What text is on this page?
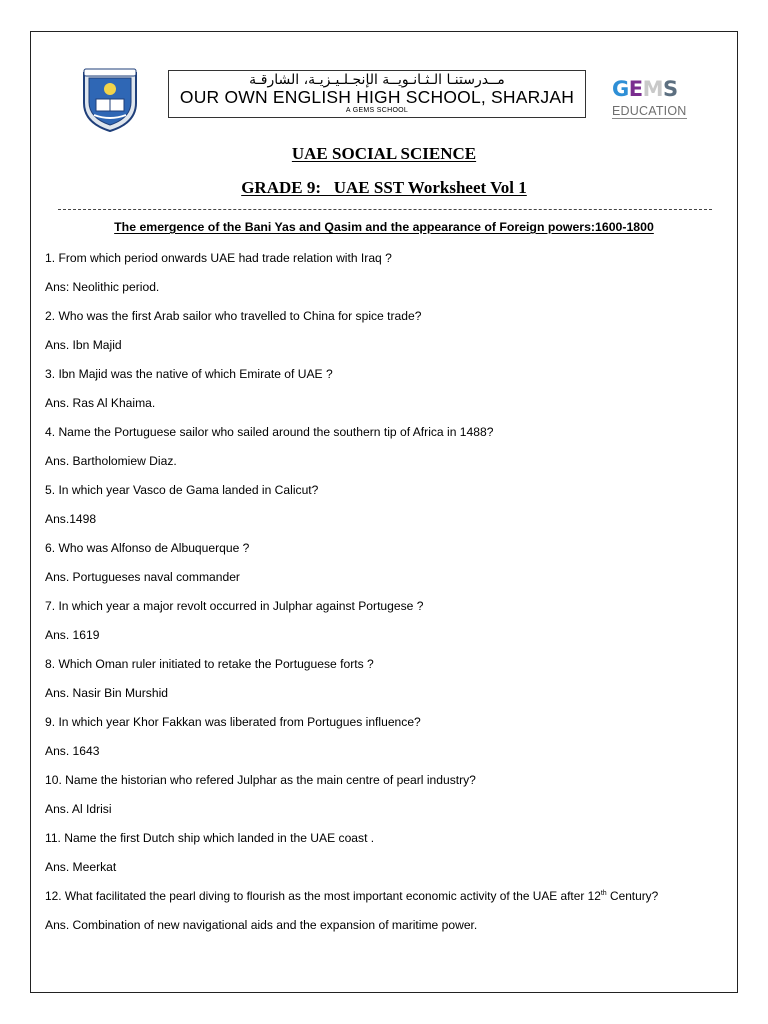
مــدرستنـا الـثـانـويــة الإنجـلـيـزيـة، الشارقـة
OUR OWN ENGLISH HIGH SCHOOL, SHARJAH
A GEMS SCHOOL
GEMS
EDUCATION
UAE SOCIAL SCIENCE
GRADE 9:   UAE SST Worksheet Vol 1
The emergence of the Bani Yas and Qasim and the appearance of Foreign powers:1600-1800
1. From which period onwards UAE had trade relation with Iraq ?
Ans: Neolithic period.
2. Who was the first Arab sailor who travelled to China for spice trade?
Ans. Ibn Majid
3. Ibn Majid was the native of which Emirate of UAE ?
Ans. Ras Al Khaima.
4. Name the Portuguese sailor who sailed around the southern tip of Africa in 1488?
Ans. Bartholomiew Diaz.
5. In which year Vasco de Gama landed in Calicut?
Ans.1498
6. Who was Alfonso de Albuquerque ?
Ans. Portugueses naval commander
7. In which year a major revolt occurred in Julphar against Portugese ?
Ans. 1619
8. Which Oman ruler initiated to retake the Portuguese forts ?
Ans. Nasir Bin Murshid
9. In which year Khor Fakkan was liberated from Portugues influence?
Ans. 1643
10. Name the historian who refered Julphar as the main centre of pearl industry?
Ans. Al Idrisi
11. Name the first Dutch ship which landed in the UAE coast .
Ans. Meerkat
12. What facilitated the pearl diving to flourish as the most important economic activity of the UAE after 12th Century?
Ans. Combination of new navigational aids and the expansion of maritime power.
